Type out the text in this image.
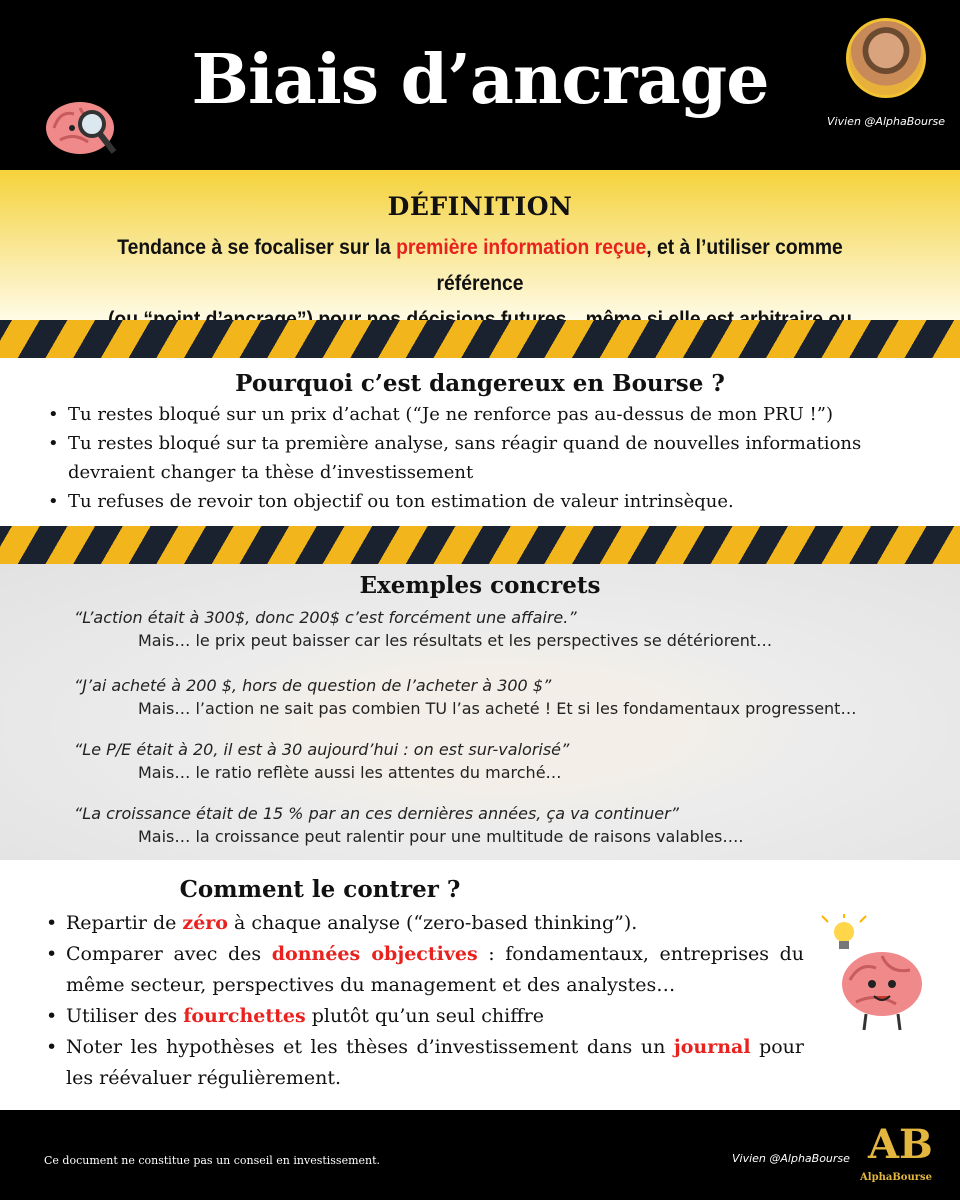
Biais d’ancrage
Vivien @AlphaBourse
DÉFINITION
Tendance à se focaliser sur la première information reçue, et à l’utiliser comme référence

Pourquoi c’est dangereux en Bourse ?
• Tu restes bloqué sur un prix d’achat (“Je ne renforce pas au-dessus de mon PRU !”)
• Tu restes bloqué sur ta première analyse, sans réagir quand de nouvelles informations devraient changer ta thèse d’investissement
• Tu refuses de revoir ton objectif ou ton estimation de valeur intrinsèque.
Exemples concrets
“L’action était à 300$, donc 200$ c’est forcément une affaire.”
Mais… le prix peut baisser car les résultats et les perspectives se détériorent…
“J’ai acheté à 200 $, hors de question de l’acheter à 300 $”
Mais… l’action ne sait pas combien TU l’as acheté ! Et si les fondamentaux progressent…
“Le P/E était à 20, il est à 30 aujourd’hui : on est sur-valorisé”
Mais… le ratio reflète aussi les attentes du marché…
“La croissance était de 15 % par an ces dernières années, ça va continuer”
Mais… la croissance peut ralentir pour une multitude de raisons valables….
Comment le contrer ?
• Repartir de zéro à chaque analyse (“zero-based thinking”).
• Comparer avec des données objectives : fondamentaux, entreprises du même secteur, perspectives du management et des analystes…
• Utiliser des fourchettes plutôt qu’un seul chiffre
• Noter les hypothèses et les thèses d’investissement dans un journal pour les réévaluer régulièrement.
Ce document ne constitue pas un conseil en investissement.	Vivien @AlphaBourse AB
AlphaBourse
